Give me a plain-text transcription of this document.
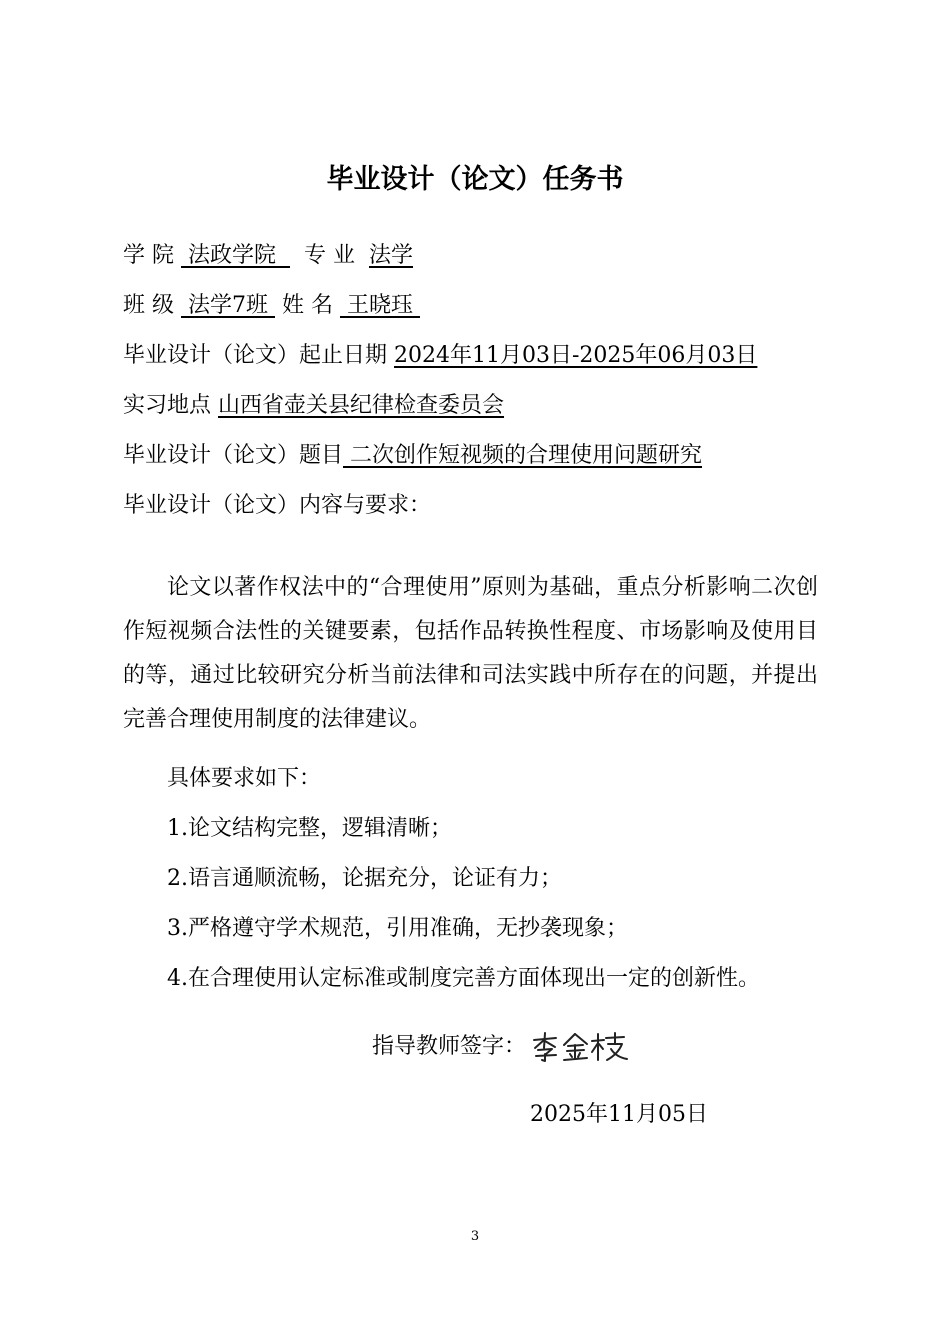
毕业设计（论文）任务书
学 院  法政学院    专 业 法学
班 级  法学7班  姓 名  王晓珏
毕业设计（论文）起止日期 2024年11月03日-2025年06月03日
实习地点 山西省壶关县纪律检查委员会
毕业设计（论文）题目 二次创作短视频的合理使用问题研究
毕业设计（论文）内容与要求：

论文以著作权法中的“合理使用”原则为基础，重点分析影响二次创作短视频合法性的关键要素，包括作品转换性程度、市场影响及使用目的等，通过比较研究分析当前法律和司法实践中所存在的问题，并提出完善合理使用制度的法律建议。

具体要求如下：
1.论文结构完整，逻辑清晰；
2.语言通顺流畅，论据充分，论证有力；
3.严格遵守学术规范，引用准确，无抄袭现象；
4.在合理使用认定标准或制度完善方面体现出一定的创新性。
指导教师签字：
2025年11月05日
3
